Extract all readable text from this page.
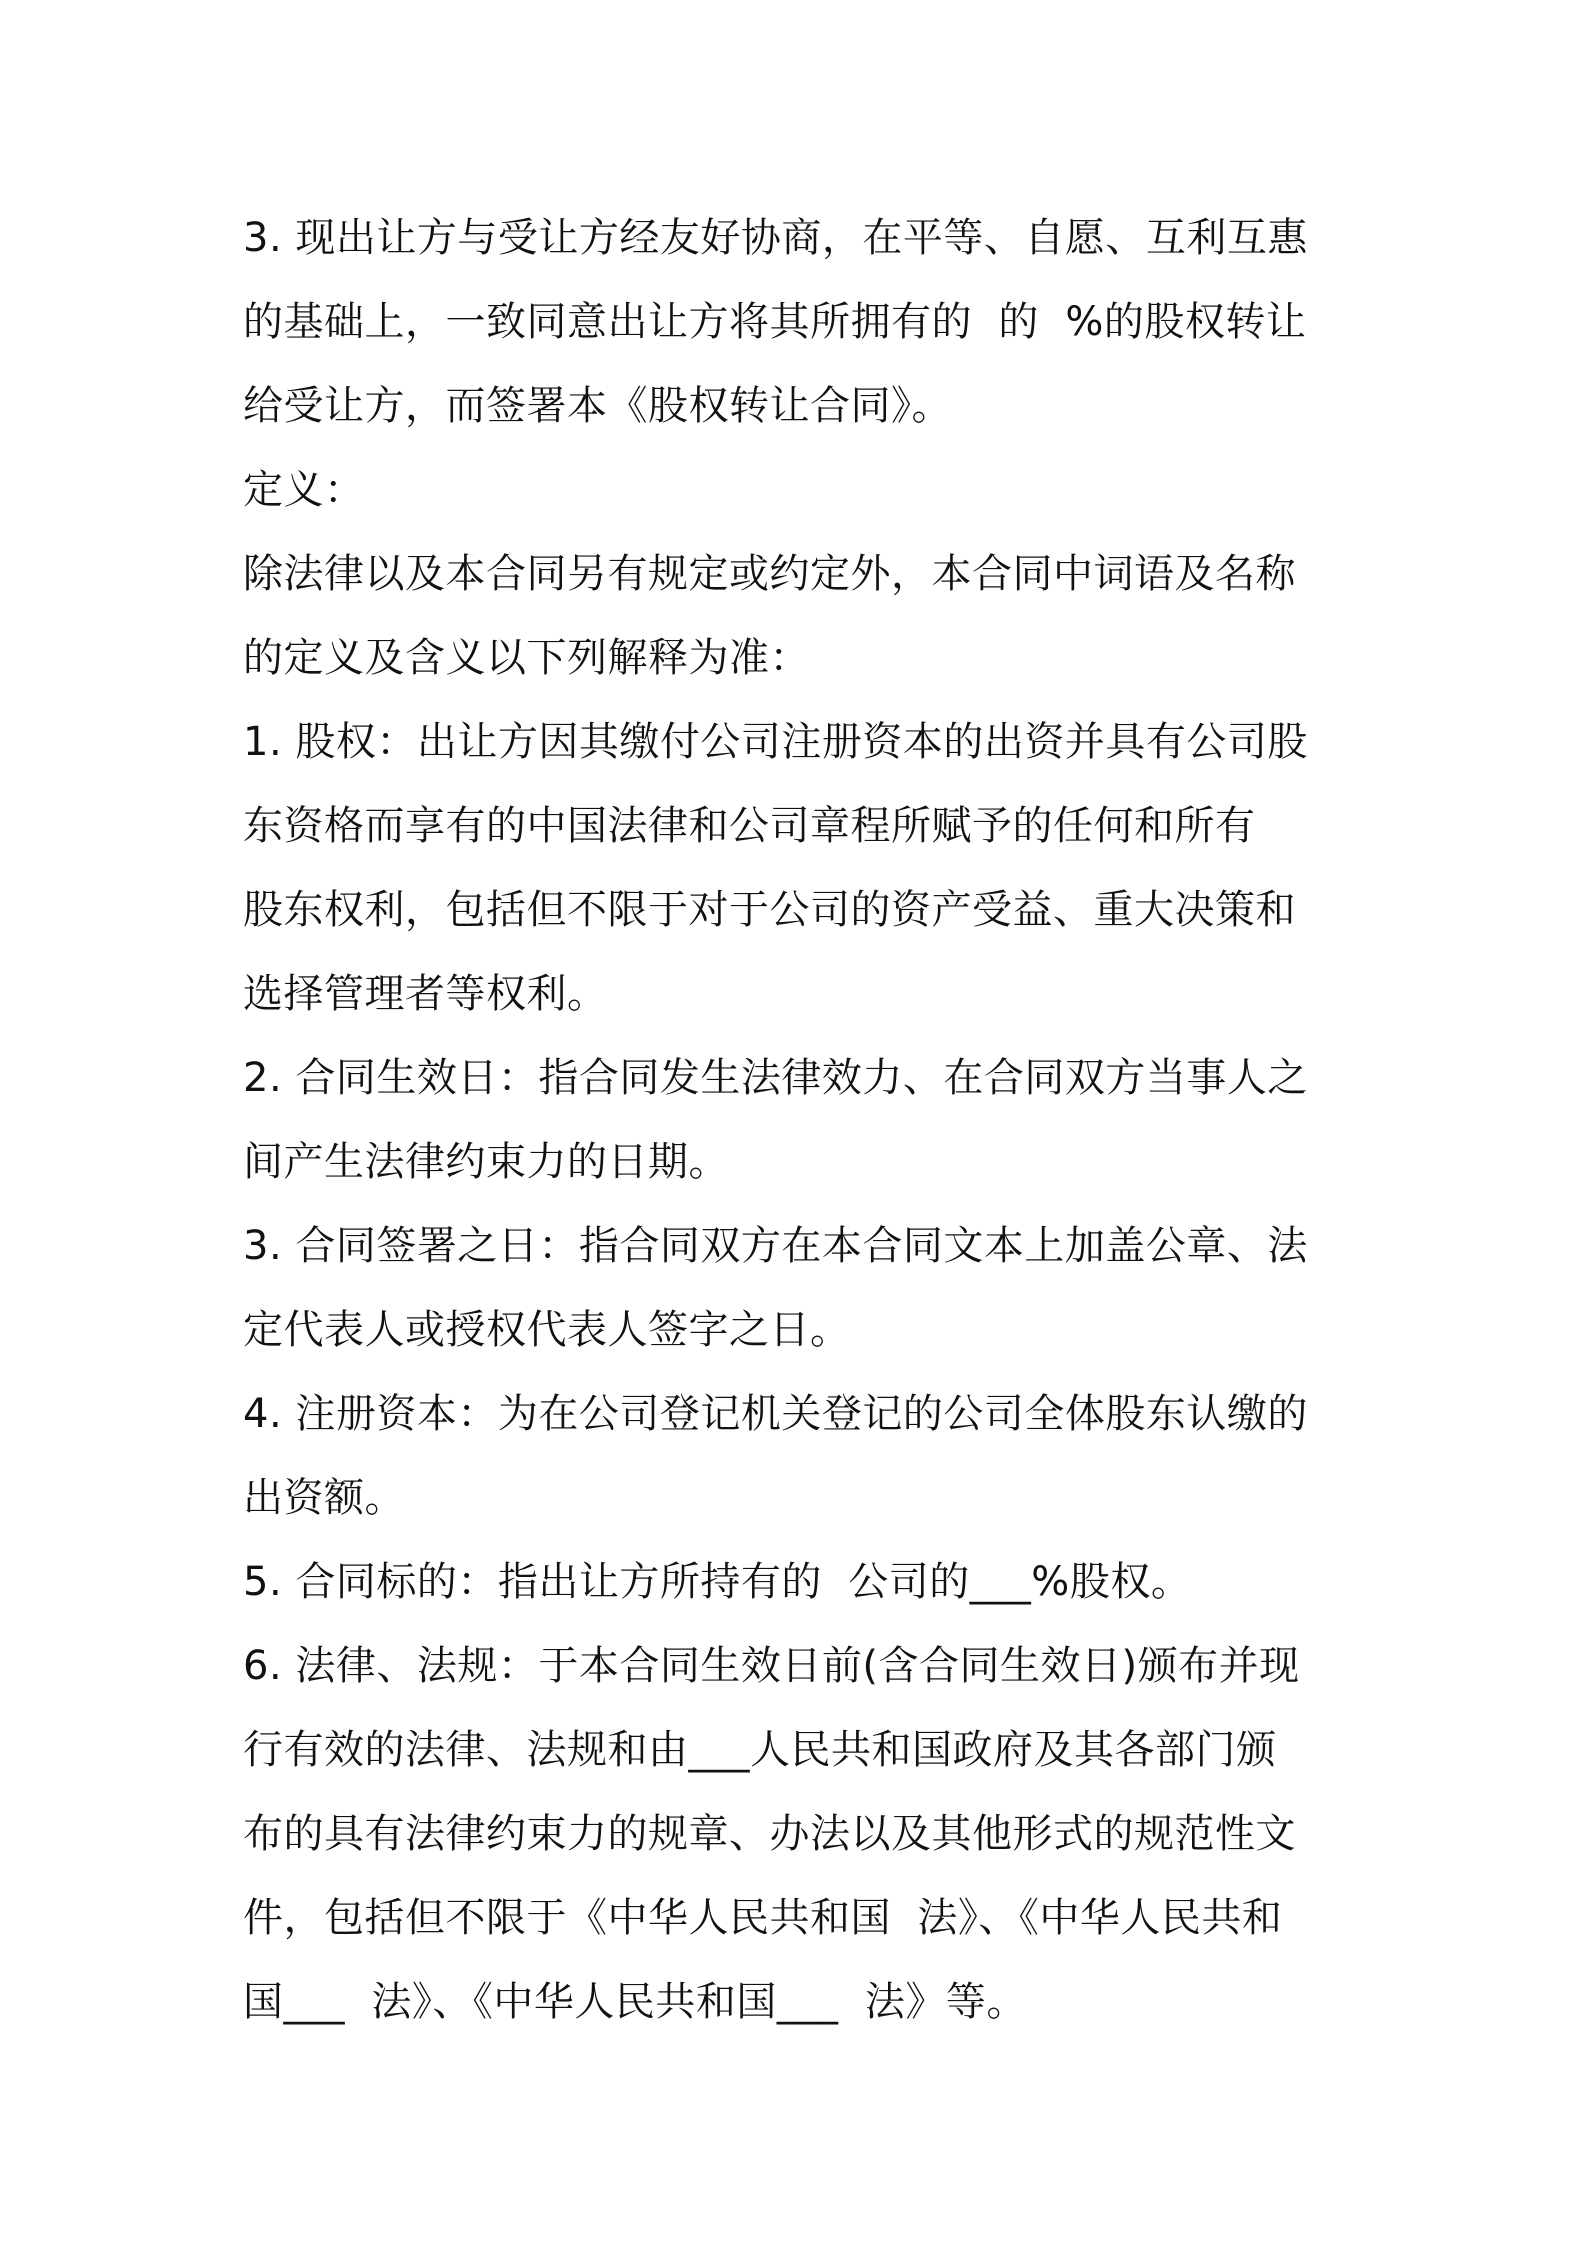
3. 现出让方与受让方经友好协商，在平等、自愿、互利互惠
的基础上，一致同意出让方将其所拥有的  的  %的股权转让
给受让方，而签署本《股权转让合同》。
定义：
除法律以及本合同另有规定或约定外，本合同中词语及名称
的定义及含义以下列解释为准：
1. 股权：出让方因其缴付公司注册资本的出资并具有公司股
东资格而享有的中国法律和公司章程所赋予的任何和所有
股东权利，包括但不限于对于公司的资产受益、重大决策和
选择管理者等权利。
2. 合同生效日：指合同发生法律效力、在合同双方当事人之
间产生法律约束力的日期。
3. 合同签署之日：指合同双方在本合同文本上加盖公章、法
定代表人或授权代表人签字之日。
4. 注册资本：为在公司登记机关登记的公司全体股东认缴的
出资额。
5. 合同标的：指出让方所持有的  公司的___%股权。
6. 法律、法规：于本合同生效日前(含合同生效日)颁布并现
行有效的法律、法规和由___人民共和国政府及其各部门颁
布的具有法律约束力的规章、办法以及其他形式的规范性文
件，包括但不限于《中华人民共和国  法》、《中华人民共和
国___  法》、《中华人民共和国___  法》等。
